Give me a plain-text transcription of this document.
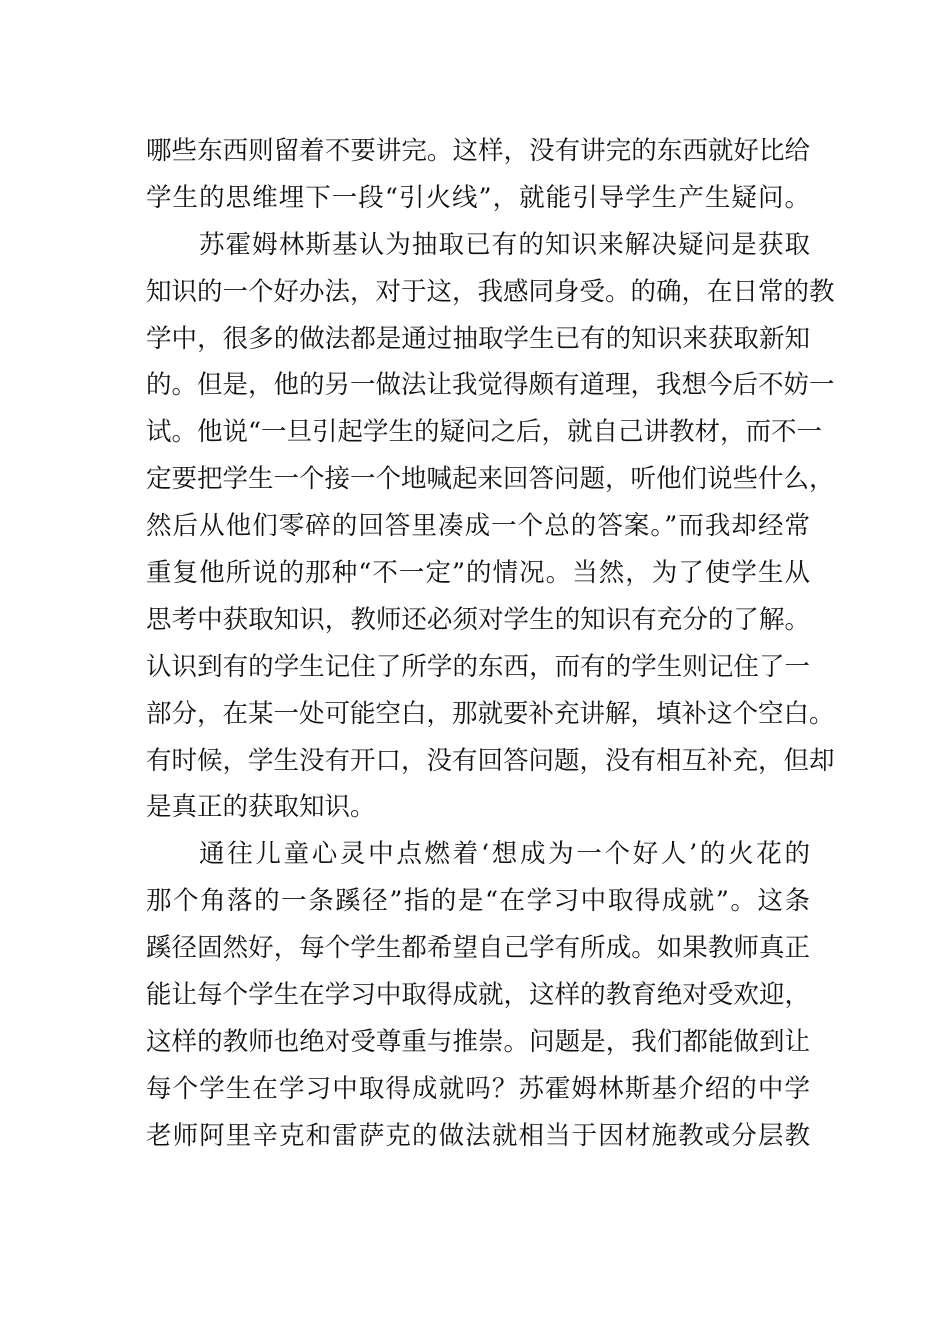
哪些东西则留着不要讲完。这样，没有讲完的东西就好比给
学生的思维埋下一段“引火线”，就能引导学生产生疑问。
苏霍姆林斯基认为抽取已有的知识来解决疑问是获取
知识的一个好办法，对于这，我感同身受。的确，在日常的教
学中，很多的做法都是通过抽取学生已有的知识来获取新知
的。但是，他的另一做法让我觉得颇有道理，我想今后不妨一
试。他说“一旦引起学生的疑问之后，就自己讲教材，而不一
定要把学生一个接一个地喊起来回答问题，听他们说些什么，
然后从他们零碎的回答里凑成一个总的答案。”而我却经常
重复他所说的那种“不一定”的情况。当然，为了使学生从
思考中获取知识，教师还必须对学生的知识有充分的了解。
认识到有的学生记住了所学的东西，而有的学生则记住了一
部分，在某一处可能空白，那就要补充讲解，填补这个空白。
有时候，学生没有开口，没有回答问题，没有相互补充，但却
是真正的获取知识。
通往儿童心灵中点燃着‘想成为一个好人’的火花的
那个角落的一条蹊径”指的是“在学习中取得成就”。这条
蹊径固然好，每个学生都希望自己学有所成。如果教师真正
能让每个学生在学习中取得成就，这样的教育绝对受欢迎，
这样的教师也绝对受尊重与推崇。问题是，我们都能做到让
每个学生在学习中取得成就吗？苏霍姆林斯基介绍的中学
老师阿里辛克和雷萨克的做法就相当于因材施教或分层教
